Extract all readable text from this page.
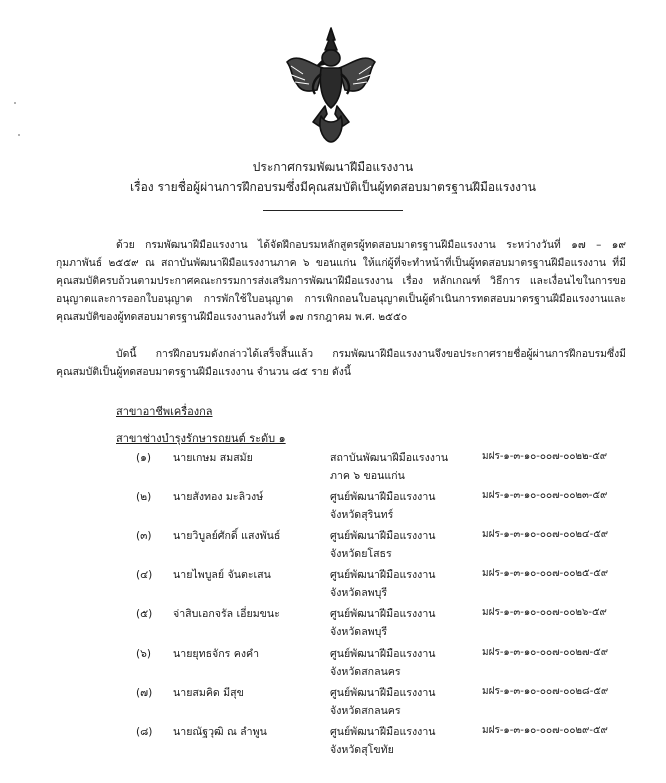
ประกาศกรมพัฒนาฝีมือแรงงาน
เรื่อง รายชื่อผู้ผ่านการฝึกอบรมซึ่งมีคุณสมบัติเป็นผู้ทดสอบมาตรฐานฝีมือแรงงาน
ด้วย กรมพัฒนาฝีมือแรงงาน ได้จัดฝึกอบรมหลักสูตรผู้ทดสอบมาตรฐานฝีมือแรงงาน ระหว่างวันที่ ๑๗ – ๑๙ กุมภาพันธ์ ๒๕๕๙ ณ สถาบันพัฒนาฝีมือแรงงานภาค ๖ ขอนแก่น ให้แก่ผู้ที่จะทำหน้าที่เป็นผู้ทดสอบมาตรฐานฝีมือแรงงาน ที่มีคุณสมบัติครบถ้วนตามประกาศคณะกรรมการส่งเสริมการพัฒนาฝีมือแรงงาน เรื่อง หลักเกณฑ์ วิธีการ และเงื่อนไขในการขออนุญาตและการออกใบอนุญาต การพักใช้ใบอนุญาต การเพิกถอนใบอนุญาตเป็นผู้ดำเนินการทดสอบมาตรฐานฝีมือแรงงานและคุณสมบัติของผู้ทดสอบมาตรฐานฝีมือแรงงานลงวันที่ ๑๗ กรกฎาคม พ.ศ. ๒๕๕๐
บัดนี้ การฝึกอบรมดังกล่าวได้เสร็จสิ้นแล้ว กรมพัฒนาฝีมือแรงงานจึงขอประกาศรายชื่อผู้ผ่านการฝึกอบรมซึ่งมีคุณสมบัติเป็นผู้ทดสอบมาตรฐานฝีมือแรงงาน จำนวน ๘๕ ราย ดังนี้
สาขาอาชีพเครื่องกล
สาขาช่างบำรุงรักษารถยนต์ ระดับ ๑
(๑) นายเกษม สมสมัย	สถาบันพัฒนาฝีมือแรงงาน
ภาค ๖ ขอนแก่น
มฝร-๑-๓-๑๐-๐๐๗-๐๐๒๒-๕๙
(๒) นายสังทอง มะลิวงษ์	ศูนย์พัฒนาฝีมือแรงงาน
จังหวัดสุรินทร์
มฝร-๑-๓-๑๐-๐๐๗-๐๐๒๓-๕๙
(๓) นายวิบูลย์ศักดิ์ แสงพันธ์	ศูนย์พัฒนาฝีมือแรงงาน
จังหวัดยโสธร
มฝร-๑-๓-๑๐-๐๐๗-๐๐๒๔-๕๙
(๔) นายไพบูลย์ จันตะเสน	ศูนย์พัฒนาฝีมือแรงงาน
จังหวัดลพบุรี
มฝร-๑-๓-๑๐-๐๐๗-๐๐๒๕-๕๙
(๕) จ่าสิบเอกจรัล เอี่ยมขนะ	ศูนย์พัฒนาฝีมือแรงงาน
จังหวัดลพบุรี
มฝร-๑-๓-๑๐-๐๐๗-๐๐๒๖-๕๙
(๖) นายยุทธจักร คงคำ	ศูนย์พัฒนาฝีมือแรงงาน
จังหวัดสกลนคร
มฝร-๑-๓-๑๐-๐๐๗-๐๐๒๗-๕๙
(๗) นายสมคิด มีสุข	ศูนย์พัฒนาฝีมือแรงงาน
จังหวัดสกลนคร
มฝร-๑-๓-๑๐-๐๐๗-๐๐๒๘-๕๙
(๘) นายณัฐวุฒิ ณ ลำพูน	ศูนย์พัฒนาฝีมือแรงงาน
จังหวัดสุโขทัย
มฝร-๑-๓-๑๐-๐๐๗-๐๐๒๙-๕๙
